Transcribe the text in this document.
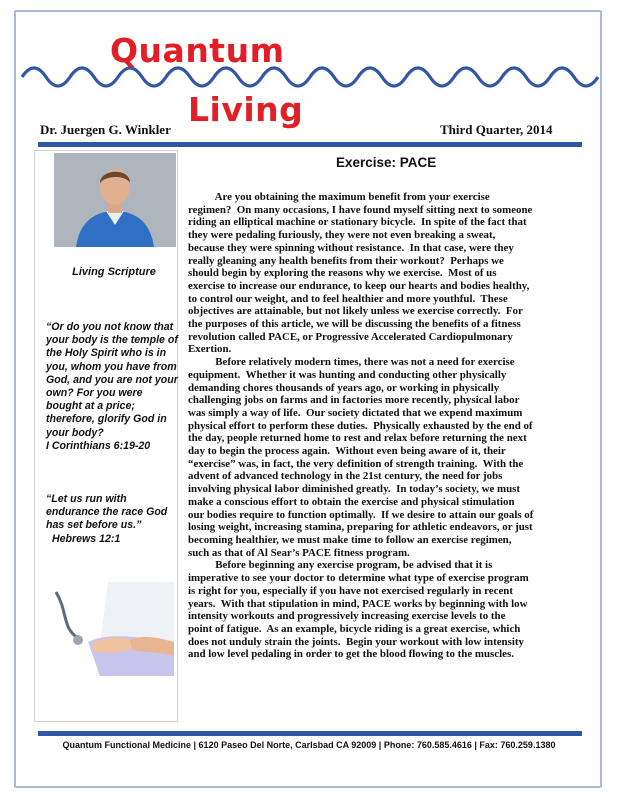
Quantum
Living
Dr. Juergen G. Winkler	Third Quarter, 2014
Living Scripture
“Or do you not know that
your body is the temple of
the Holy Spirit who is in
you, whom you have from
God, and you are not your
own? For you were
bought at a price;
therefore, glorify God in
your body?
I Corinthians 6:19-20
“Let us run with
endurance the race God
has set before us.”
Hebrews 12:1
Exercise: PACE
Are you obtaining the maximum benefit from your exercise
regimen?  On many occasions, I have found myself sitting next to someone
riding an elliptical machine or stationary bicycle.  In spite of the fact that
they were pedaling furiously, they were not even breaking a sweat,
because they were spinning without resistance.  In that case, were they
really gleaning any health benefits from their workout?  Perhaps we
should begin by exploring the reasons why we exercise.  Most of us
exercise to increase our endurance, to keep our hearts and bodies healthy,
to control our weight, and to feel healthier and more youthful.  These
objectives are attainable, but not likely unless we exercise correctly.  For
the purposes of this article, we will be discussing the benefits of a fitness
revolution called PACE, or Progressive Accelerated Cardiopulmonary
Exertion.
Before relatively modern times, there was not a need for exercise
equipment.  Whether it was hunting and conducting other physically
demanding chores thousands of years ago, or working in physically
challenging jobs on farms and in factories more recently, physical labor
was simply a way of life.  Our society dictated that we expend maximum
physical effort to perform these duties.  Physically exhausted by the end of
the day, people returned home to rest and relax before returning the next
day to begin the process again.  Without even being aware of it, their
“exercise” was, in fact, the very definition of strength training.  With the
advent of advanced technology in the 21st century, the need for jobs
involving physical labor diminished greatly.  In today’s society, we must
make a conscious effort to obtain the exercise and physical stimulation
our bodies require to function optimally.  If we desire to attain our goals of
losing weight, increasing stamina, preparing for athletic endeavors, or just
becoming healthier, we must make time to follow an exercise regimen,
such as that of Al Sear’s PACE fitness program.
Before beginning any exercise program, be advised that it is
imperative to see your doctor to determine what type of exercise program
is right for you, especially if you have not exercised regularly in recent
years.  With that stipulation in mind, PACE works by beginning with low
intensity workouts and progressively increasing exercise levels to the
point of fatigue.  As an example, bicycle riding is a great exercise, which
does not unduly strain the joints.  Begin your workout with low intensity
and low level pedaling in order to get the blood flowing to the muscles.
Quantum Functional Medicine | 6120 Paseo Del Norte, Carlsbad CA 92009 | Phone: 760.585.4616 | Fax: 760.259.1380
